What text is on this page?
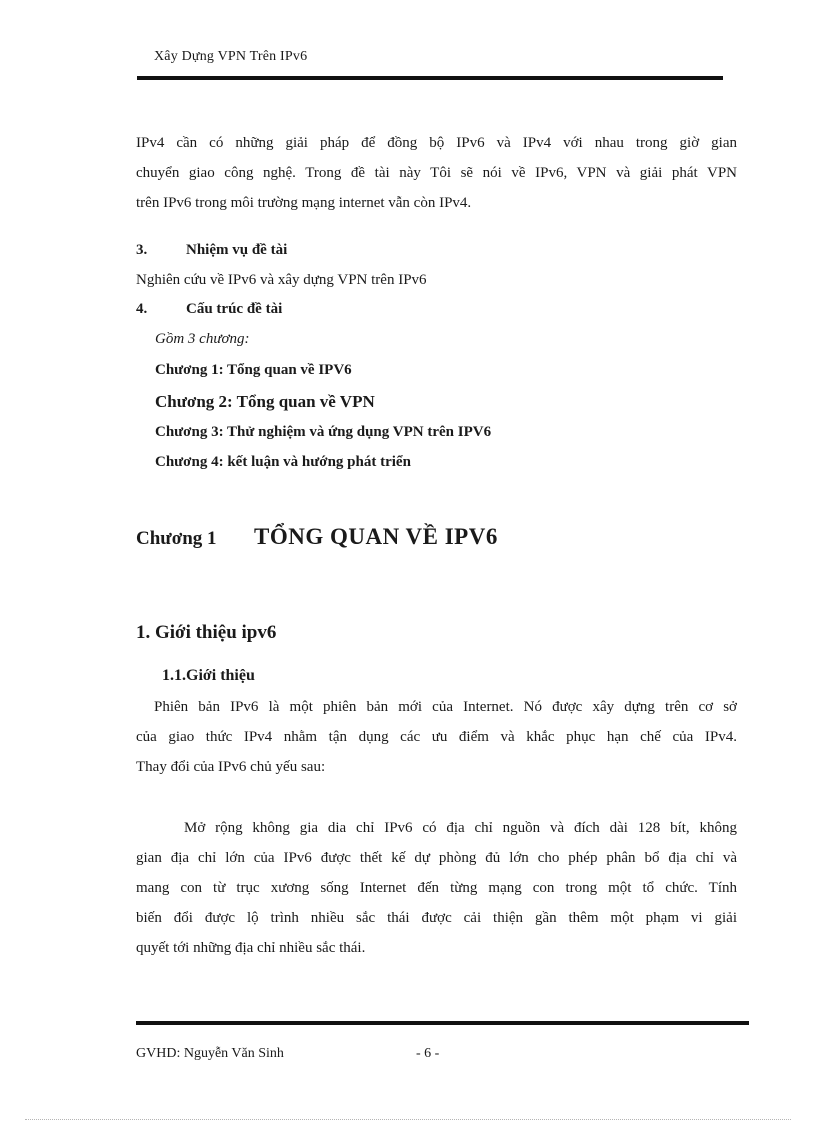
Xây Dựng VPN Trên IPv6
IPv4 cần có những giải pháp để đồng bộ IPv6 và IPv4 với nhau trong giờ gian
chuyển giao công nghệ. Trong đề tài này Tôi sẽ nói về IPv6, VPN và giải phát VPN
trên IPv6 trong môi trường mạng internet vẫn còn IPv4.
3.	Nhiệm vụ đề tài
Nghiên cứu về IPv6 và xây dựng VPN trên IPv6
4.	Cấu trúc đề tài
Gồm 3 chương:
Chương 1: Tổng quan về IPV6
Chương 2: Tổng quan về VPN
Chương 3: Thử nghiệm và ứng dụng VPN trên IPV6
Chương 4: kết luận và hướng phát triển
Chương 1 TỔNG QUAN VỀ IPV6
1. Giới thiệu ipv6
1.1.Giới thiệu
Phiên bản IPv6 là một phiên bản mới của Internet. Nó được xây dựng trên cơ sở
của giao thức IPv4 nhằm tận dụng các ưu điểm và khắc phục hạn chế của IPv4.
Thay đổi của IPv6 chủ yếu sau:
Mở rộng không gia dia chỉ IPv6 có địa chỉ nguồn và đích dài 128 bít, không
gian địa chỉ lớn của IPv6 được thết kế dự phòng đủ lớn cho phép phân bổ địa chỉ và
mang con từ trục xương sống Internet đến từng mạng con trong một tổ chức. Tính
biến đổi được lộ trình nhiều sắc thái được cải thiện gần thêm một phạm vi giải
quyết tới những địa chỉ nhiều sắc thái.
GVHD: Nguyễn Văn Sinh	- 6 -
